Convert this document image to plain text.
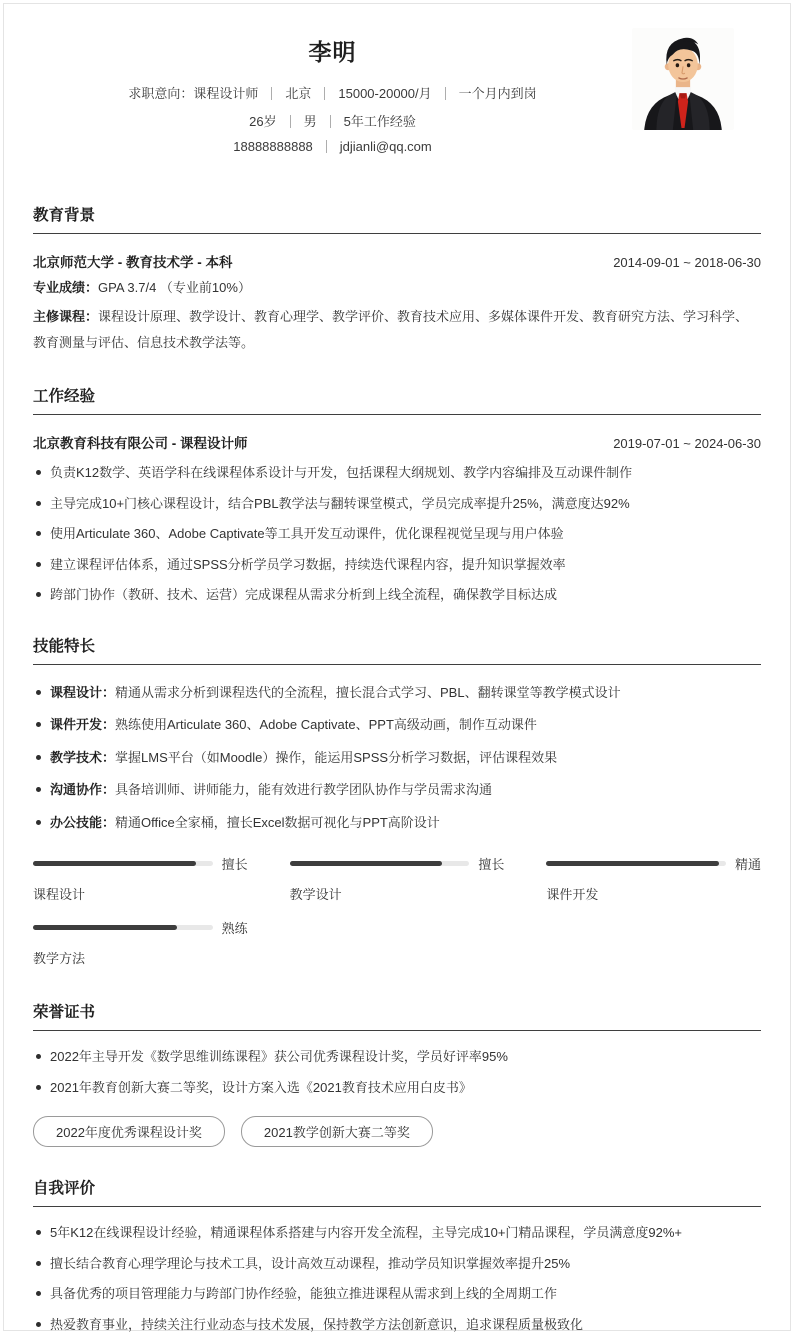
李明
求职意向：课程设计师 北京 15000-20000/月 一个月内到岗
26岁 男 5年工作经验
18888888888 jdjianli@qq.com
教育背景
北京师范大学 - 教育技术学 - 本科	2014-09-01 ~ 2018-06-30

专业成绩：GPA 3.7/4 （专业前10%）

主修课程：课程设计原理、教学设计、教育心理学、教学评价、教育技术应用、多媒体课件开发、教育研究方法、学习科学、教育测量与评估、信息技术教学法等。

工作经验
北京教育科技有限公司 - 课程设计师	2019-07-01 ~ 2024-06-30
负责K12数学、英语学科在线课程体系设计与开发，包括课程大纲规划、教学内容编排及互动课件制作
主导完成10+门核心课程设计，结合PBL教学法与翻转课堂模式，学员完成率提升25%，满意度达92%
使用Articulate 360、Adobe Captivate等工具开发互动课件，优化课程视觉呈现与用户体验
建立课程评估体系，通过SPSS分析学员学习数据，持续迭代课程内容，提升知识掌握效率
跨部门协作（教研、技术、运营）完成课程从需求分析到上线全流程，确保教学目标达成
技能特长
课程设计：精通从需求分析到课程迭代的全流程，擅长混合式学习、PBL、翻转课堂等教学模式设计
课件开发：熟练使用Articulate 360、Adobe Captivate、PPT高级动画，制作互动课件
教学技术：掌握LMS平台（如Moodle）操作，能运用SPSS分析学习数据，评估课程效果
沟通协作：具备培训师、讲师能力，能有效进行教学团队协作与学员需求沟通
办公技能：精通Office全家桶，擅长Excel数据可视化与PPT高阶设计
擅长
课程设计
擅长
教学设计
精通
课件开发
熟练
教学方法
荣誉证书
2022年主导开发《数学思维训练课程》获公司优秀课程设计奖，学员好评率95%
2021年教育创新大赛二等奖，设计方案入选《2021教育技术应用白皮书》
2022年度优秀课程设计奖	2021教学创新大赛二等奖
自我评价
5年K12在线课程设计经验，精通课程体系搭建与内容开发全流程，主导完成10+门精品课程，学员满意度92%+
擅长结合教育心理学理论与技术工具，设计高效互动课程，推动学员知识掌握效率提升25%
具备优秀的项目管理能力与跨部门协作经验，能独立推进课程从需求到上线的全周期工作
热爱教育事业，持续关注行业动态与技术发展，保持教学方法创新意识，追求课程质量极致化
